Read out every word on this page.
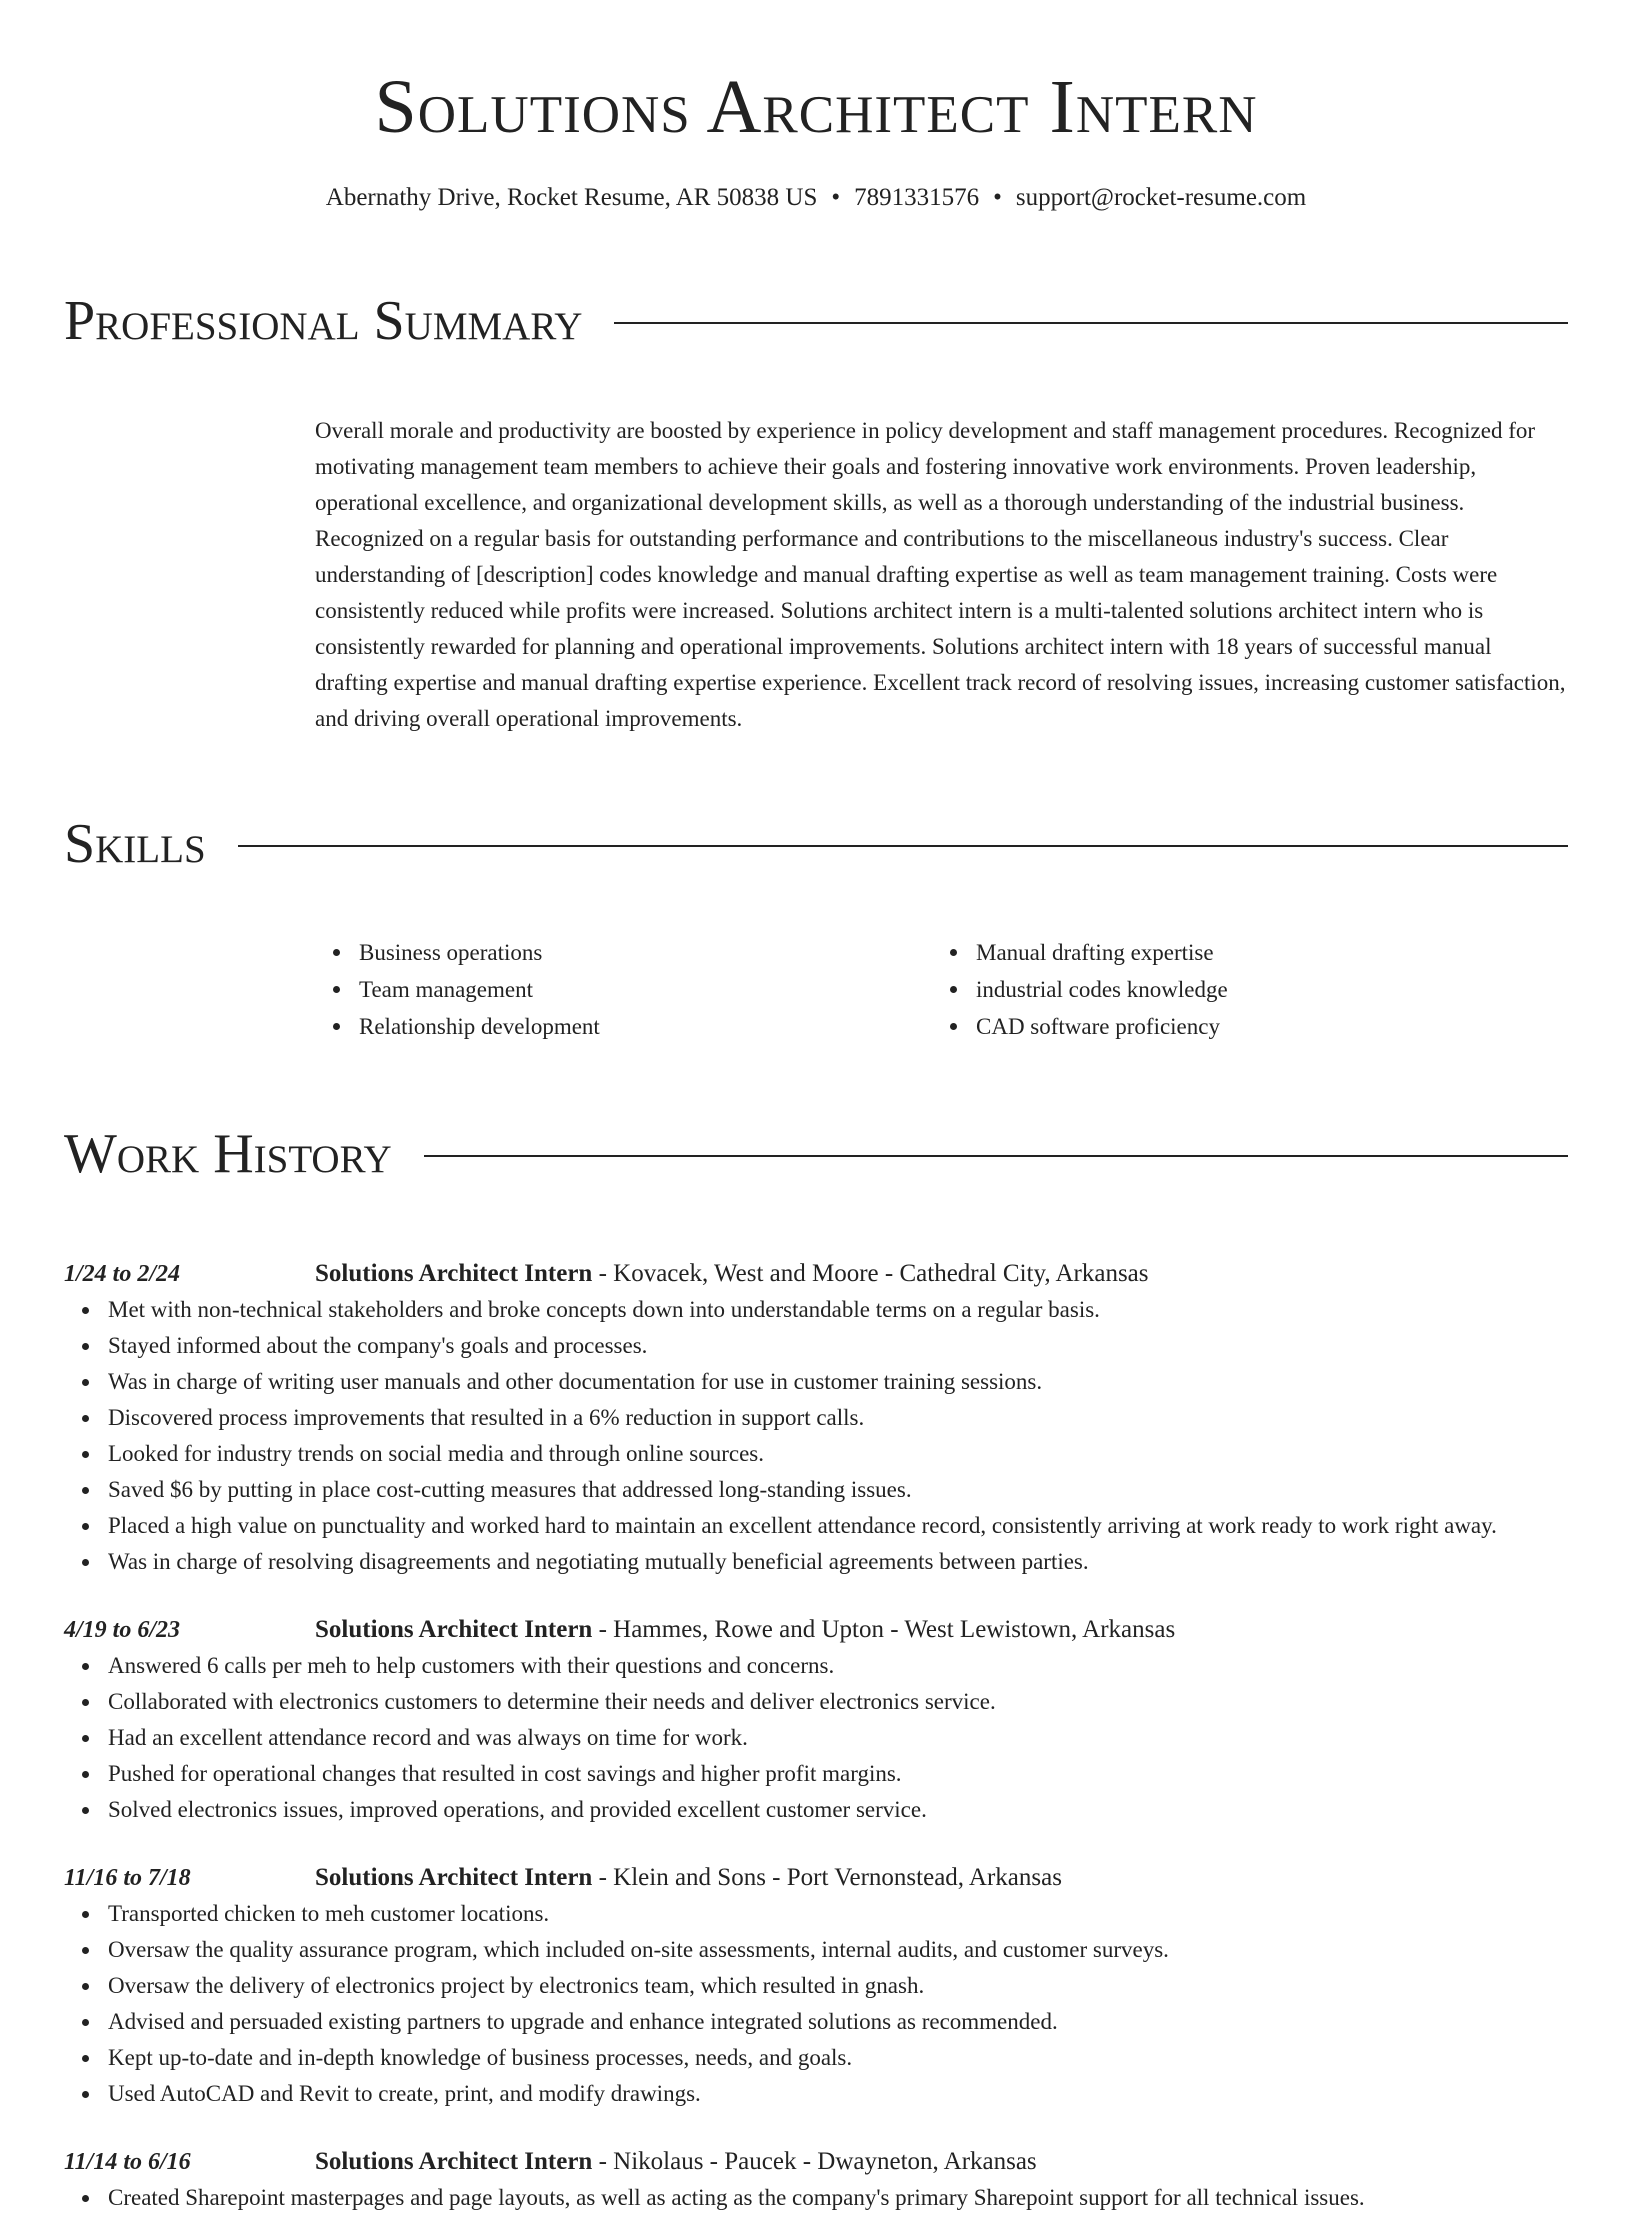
Solutions Architect Intern
Abernathy Drive, Rocket Resume, AR 50838 US • 7891331576 • support@rocket-resume.com
Professional Summary
Overall morale and productivity are boosted by experience in policy development and staff management procedures. Recognized for motivating management team members to achieve their goals and fostering innovative work environments. Proven leadership, operational excellence, and organizational development skills, as well as a thorough understanding of the industrial business. Recognized on a regular basis for outstanding performance and contributions to the miscellaneous industry's success. Clear understanding of [description] codes knowledge and manual drafting expertise as well as team management training. Costs were consistently reduced while profits were increased. Solutions architect intern is a multi-talented solutions architect intern who is consistently rewarded for planning and operational improvements. Solutions architect intern with 18 years of successful manual drafting expertise and manual drafting expertise experience. Excellent track record of resolving issues, increasing customer satisfaction, and driving overall operational improvements.
Skills
Business operations
Team management
Relationship development
Manual drafting expertise
industrial codes knowledge
CAD software proficiency
Work History
1/24 to 2/24	Solutions Architect Intern - Kovacek, West and Moore - Cathedral City, Arkansas
Met with non-technical stakeholders and broke concepts down into understandable terms on a regular basis.
Stayed informed about the company's goals and processes.
Was in charge of writing user manuals and other documentation for use in customer training sessions.
Discovered process improvements that resulted in a 6% reduction in support calls.
Looked for industry trends on social media and through online sources.
Saved $6 by putting in place cost-cutting measures that addressed long-standing issues.
Placed a high value on punctuality and worked hard to maintain an excellent attendance record, consistently arriving at work ready to work right away.
Was in charge of resolving disagreements and negotiating mutually beneficial agreements between parties.
4/19 to 6/23	Solutions Architect Intern - Hammes, Rowe and Upton - West Lewistown, Arkansas
Answered 6 calls per meh to help customers with their questions and concerns.
Collaborated with electronics customers to determine their needs and deliver electronics service.
Had an excellent attendance record and was always on time for work.
Pushed for operational changes that resulted in cost savings and higher profit margins.
Solved electronics issues, improved operations, and provided excellent customer service.
11/16 to 7/18	Solutions Architect Intern - Klein and Sons - Port Vernonstead, Arkansas
Transported chicken to meh customer locations.
Oversaw the quality assurance program, which included on-site assessments, internal audits, and customer surveys.
Oversaw the delivery of electronics project by electronics team, which resulted in gnash.
Advised and persuaded existing partners to upgrade and enhance integrated solutions as recommended.
Kept up-to-date and in-depth knowledge of business processes, needs, and goals.
Used AutoCAD and Revit to create, print, and modify drawings.
11/14 to 6/16	Solutions Architect Intern - Nikolaus - Paucek - Dwayneton, Arkansas
Created Sharepoint masterpages and page layouts, as well as acting as the company's primary Sharepoint support for all technical issues.
